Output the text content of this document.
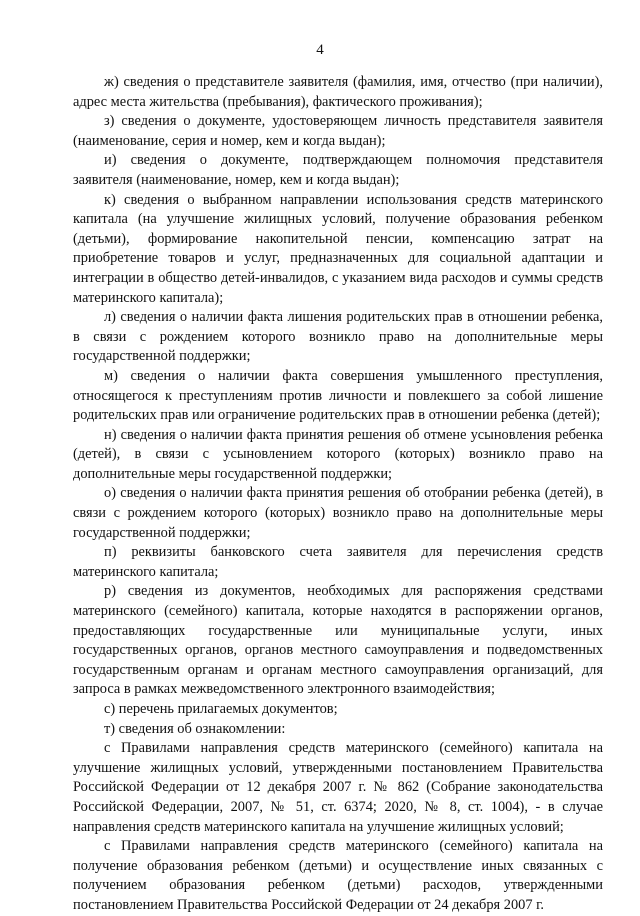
4

ж) сведения о представителе заявителя (фамилия, имя, отчество (при наличии), адрес места жительства (пребывания), фактического проживания);

з) сведения о документе, удостоверяющем личность представителя заявителя (наименование, серия и номер, кем и когда выдан);

и) сведения о документе, подтверждающем полномочия представителя заявителя (наименование, номер, кем и когда выдан);

к) сведения о выбранном направлении использования средств материнского капитала (на улучшение жилищных условий, получение образования ребенком (детьми), формирование накопительной пенсии, компенсацию затрат на приобретение товаров и услуг, предназначенных для социальной адаптации и интеграции в общество детей-инвалидов, с указанием вида расходов и суммы средств материнского капитала);

л) сведения о наличии факта лишения родительских прав в отношении ребенка, в связи с рождением которого возникло право на дополнительные меры государственной поддержки;

м) сведения о наличии факта совершения умышленного преступления, относящегося к преступлениям против личности и повлекшего за собой лишение родительских прав или ограничение родительских прав в отношении ребенка (детей);

н) сведения о наличии факта принятия решения об отмене усыновления ребенка (детей), в связи с усыновлением которого (которых) возникло право на дополнительные меры государственной поддержки;

о) сведения о наличии факта принятия решения об отобрании ребенка (детей), в связи с рождением которого (которых) возникло право на дополнительные меры государственной поддержки;

п) реквизиты банковского счета заявителя для перечисления средств материнского капитала;

р) сведения из документов, необходимых для распоряжения средствами материнского (семейного) капитала, которые находятся в распоряжении органов, предоставляющих государственные или муниципальные услуги, иных государственных органов, органов местного самоуправления и подведомственных государственным органам и органам местного самоуправления организаций, для запроса в рамках межведомственного электронного взаимодействия;

с) перечень прилагаемых документов;

т) сведения об ознакомлении:

с Правилами направления средств материнского (семейного) капитала на улучшение жилищных условий, утвержденными постановлением Правительства Российской Федерации от 12 декабря 2007 г. № 862 (Собрание законодательства Российской Федерации, 2007, № 51, ст. 6374; 2020, № 8, ст. 1004), - в случае направления средств материнского капитала на улучшение жилищных условий;

с Правилами направления средств материнского (семейного) капитала на получение образования ребенком (детьми) и осуществление иных связанных с получением образования ребенком (детьми) расходов, утвержденными постановлением Правительства Российской Федерации от 24 декабря 2007 г.
